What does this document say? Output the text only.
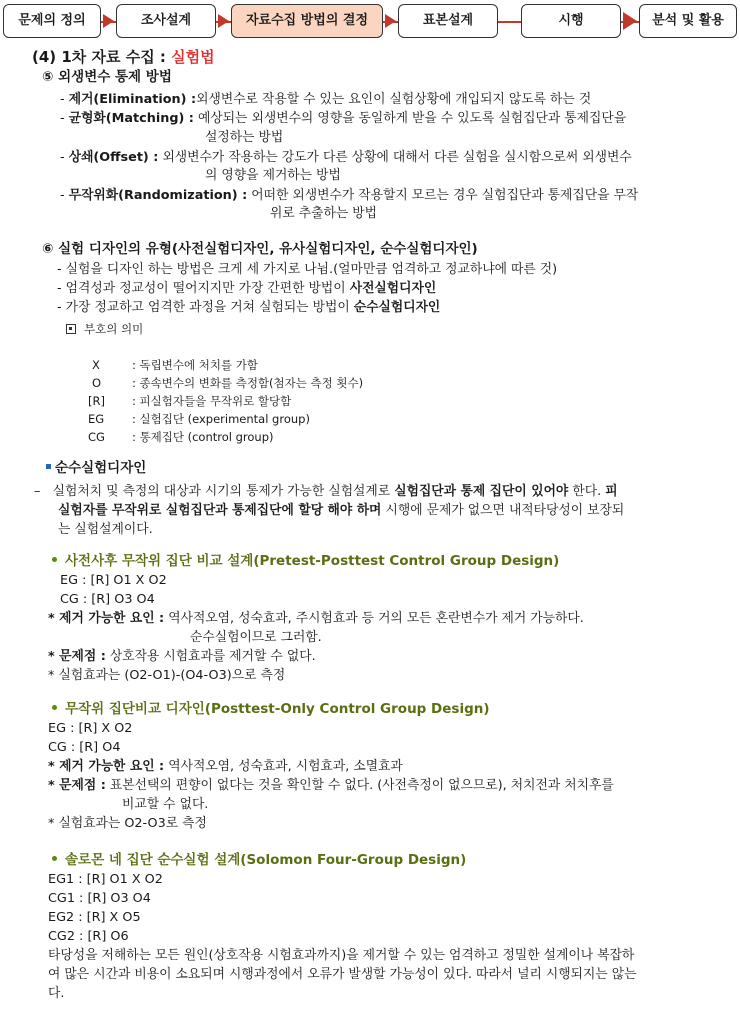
문제의 정의	조사설계	자료수집 방법의 결정	표본설계	시행	분석 및 활용
(4) 1차 자료 수집 : 실험법
⑤ 외생변수 통제 방법
- 제거(Elimination) :외생변수로 작용할 수 있는 요인이 실험상황에 개입되지 않도록 하는 것
- 균형화(Matching) : 예상되는 외생변수의 영향을 동일하게 받을 수 있도록 실험집단과 통제집단을
설정하는 방법
- 상쇄(Offset) : 외생변수가 작용하는 강도가 다른 상황에 대해서 다른 실험을 실시함으로써 외생변수
의 영향을 제거하는 방법
- 무작위화(Randomization) : 어떠한 외생변수가 작용할지 모르는 경우 실험집단과 통제집단을 무작
위로 추출하는 방법
⑥ 실험 디자인의 유형(사전실험디자인, 유사실험디자인, 순수실험디자인)
- 실험을 디자인 하는 방법은 크게 세 가지로 나뉨.(얼마만큼 엄격하고 정교하냐에 따른 것)
- 엄격성과 정교성이 떨어지지만 가장 간편한 방법이 사전실험디자인
- 가장 정교하고 엄격한 과정을 거쳐 실험되는 방법이 순수실험디자인
부호의 의미
X	: 독립변수에 처치를 가함
O	: 종속변수의 변화를 측정함(첨자는 측정 횟수)
[R] : 피실험자들을 무작위로 할당함
EG : 실험집단 (experimental group)
CG : 통제집단 (control group)
순수실험디자인
– 실험처치 및 측정의 대상과 시기의 통제가 가능한 실험설계로 실험집단과 통제 집단이 있어야 한다. 피
실험자를 무작위로 실험집단과 통제집단에 할당 해야 하며 시행에 문제가 없으면 내적타당성이 보장되
는 실험설계이다.
사전사후 무작위 집단 비교 설계(Pretest-Posttest Control Group Design)
EG : [R] O1 X O2
CG : [R] O3 O4
* 제거 가능한 요인 : 역사적오염, 성숙효과, 주시험효과 등 거의 모든 혼란변수가 제거 가능하다.
순수실험이므로 그러함.
* 문제점 : 상호작용 시험효과를 제거할 수 없다.
* 실험효과는 (O2-O1)-(O4-O3)으로 측정
무작위 집단비교 디자인(Posttest-Only Control Group Design)
EG : [R] X O2
CG : [R] O4
* 제거 가능한 요인 : 역사적오염, 성숙효과, 시험효과, 소멸효과
* 문제점 : 표본선택의 편향이 없다는 것을 확인할 수 없다. (사전측정이 없으므로), 처치전과 처치후를
비교할 수 없다.
* 실험효과는 O2-O3로 측정
솔로몬 네 집단 순수실험 설계(Solomon Four-Group Design)
EG1 : [R] O1 X O2
CG1 : [R] O3 O4
EG2 : [R] X O5
CG2 : [R] O6
타당성을 저해하는 모든 원인(상호작용 시험효과까지)을 제거할 수 있는 엄격하고 정밀한 설계이나 복잡하
여 많은 시간과 비용이 소요되며 시행과정에서 오류가 발생할 가능성이 있다. 따라서 널리 시행되지는 않는
다.
